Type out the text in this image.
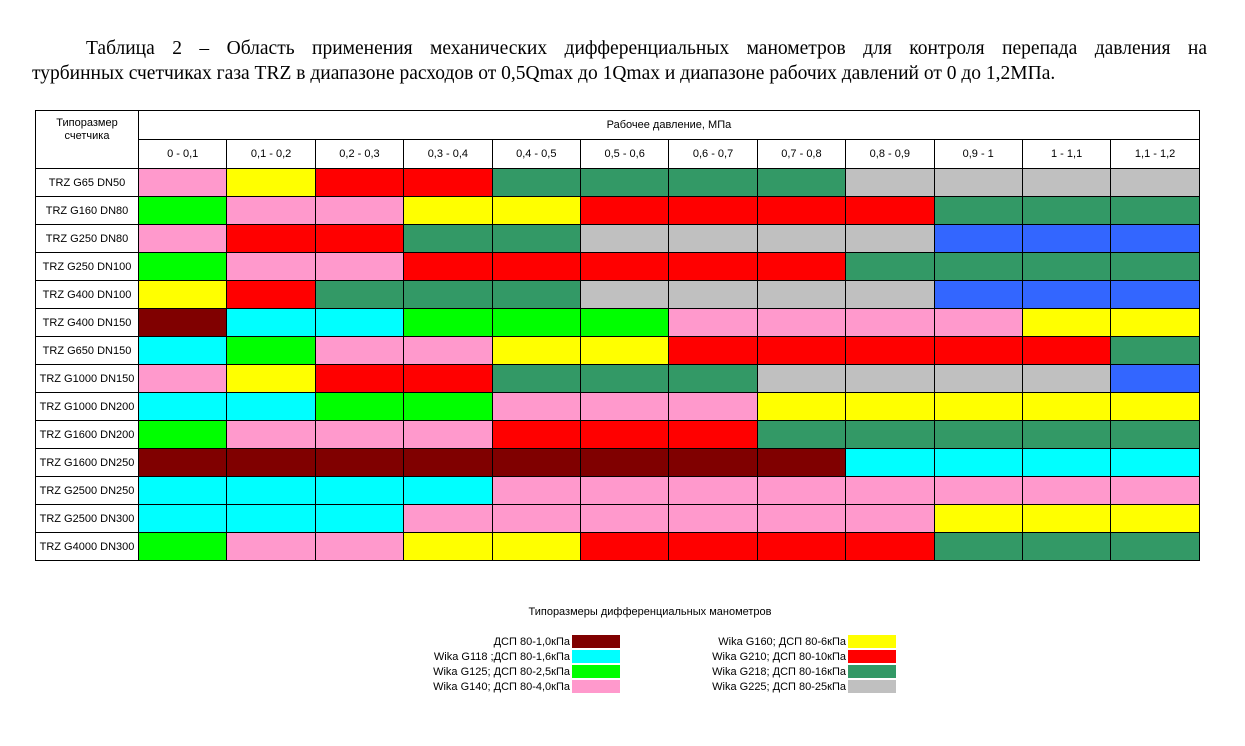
Таблица 2 – Область применения механических дифференциальных манометров для контроля перепада давления на

турбинных счетчиках газа TRZ в диапазоне расходов от 0,5Qmax до 1Qmax и диапазоне рабочих давлений от 0 до 1,2МПа.

Типоразмер счетчика	Рабочее давление, МПа											
	0 - 0,1	0,1 - 0,2	0,2 - 0,3	0,3 - 0,4	0,4 - 0,5	0,5 - 0,6	0,6 - 0,7	0,7 - 0,8	0,8 - 0,9	0,9 - 1	1 - 1,1	1,1 - 1,2
TRZ G65 DN50												
TRZ G160 DN80												
TRZ G250 DN80												
TRZ G250 DN100												
TRZ G400 DN100												
TRZ G400 DN150												
TRZ G650 DN150												
TRZ G1000 DN150												
TRZ G1000 DN200												
TRZ G1600 DN200												
TRZ G1600 DN250												
TRZ G2500 DN250												
TRZ G2500 DN300												
TRZ G4000 DN300												
Типоразмеры дифференциальных манометров
ДСП 80-1,0кПа
Wika G118 ;ДСП 80-1,6кПа
Wika G125; ДСП 80-2,5кПа
Wika G140; ДСП 80-4,0кПа
Wika G160; ДСП 80-6кПа
Wika G210; ДСП 80-10кПа
Wika G218; ДСП 80-16кПа
Wika G225; ДСП 80-25кПа
